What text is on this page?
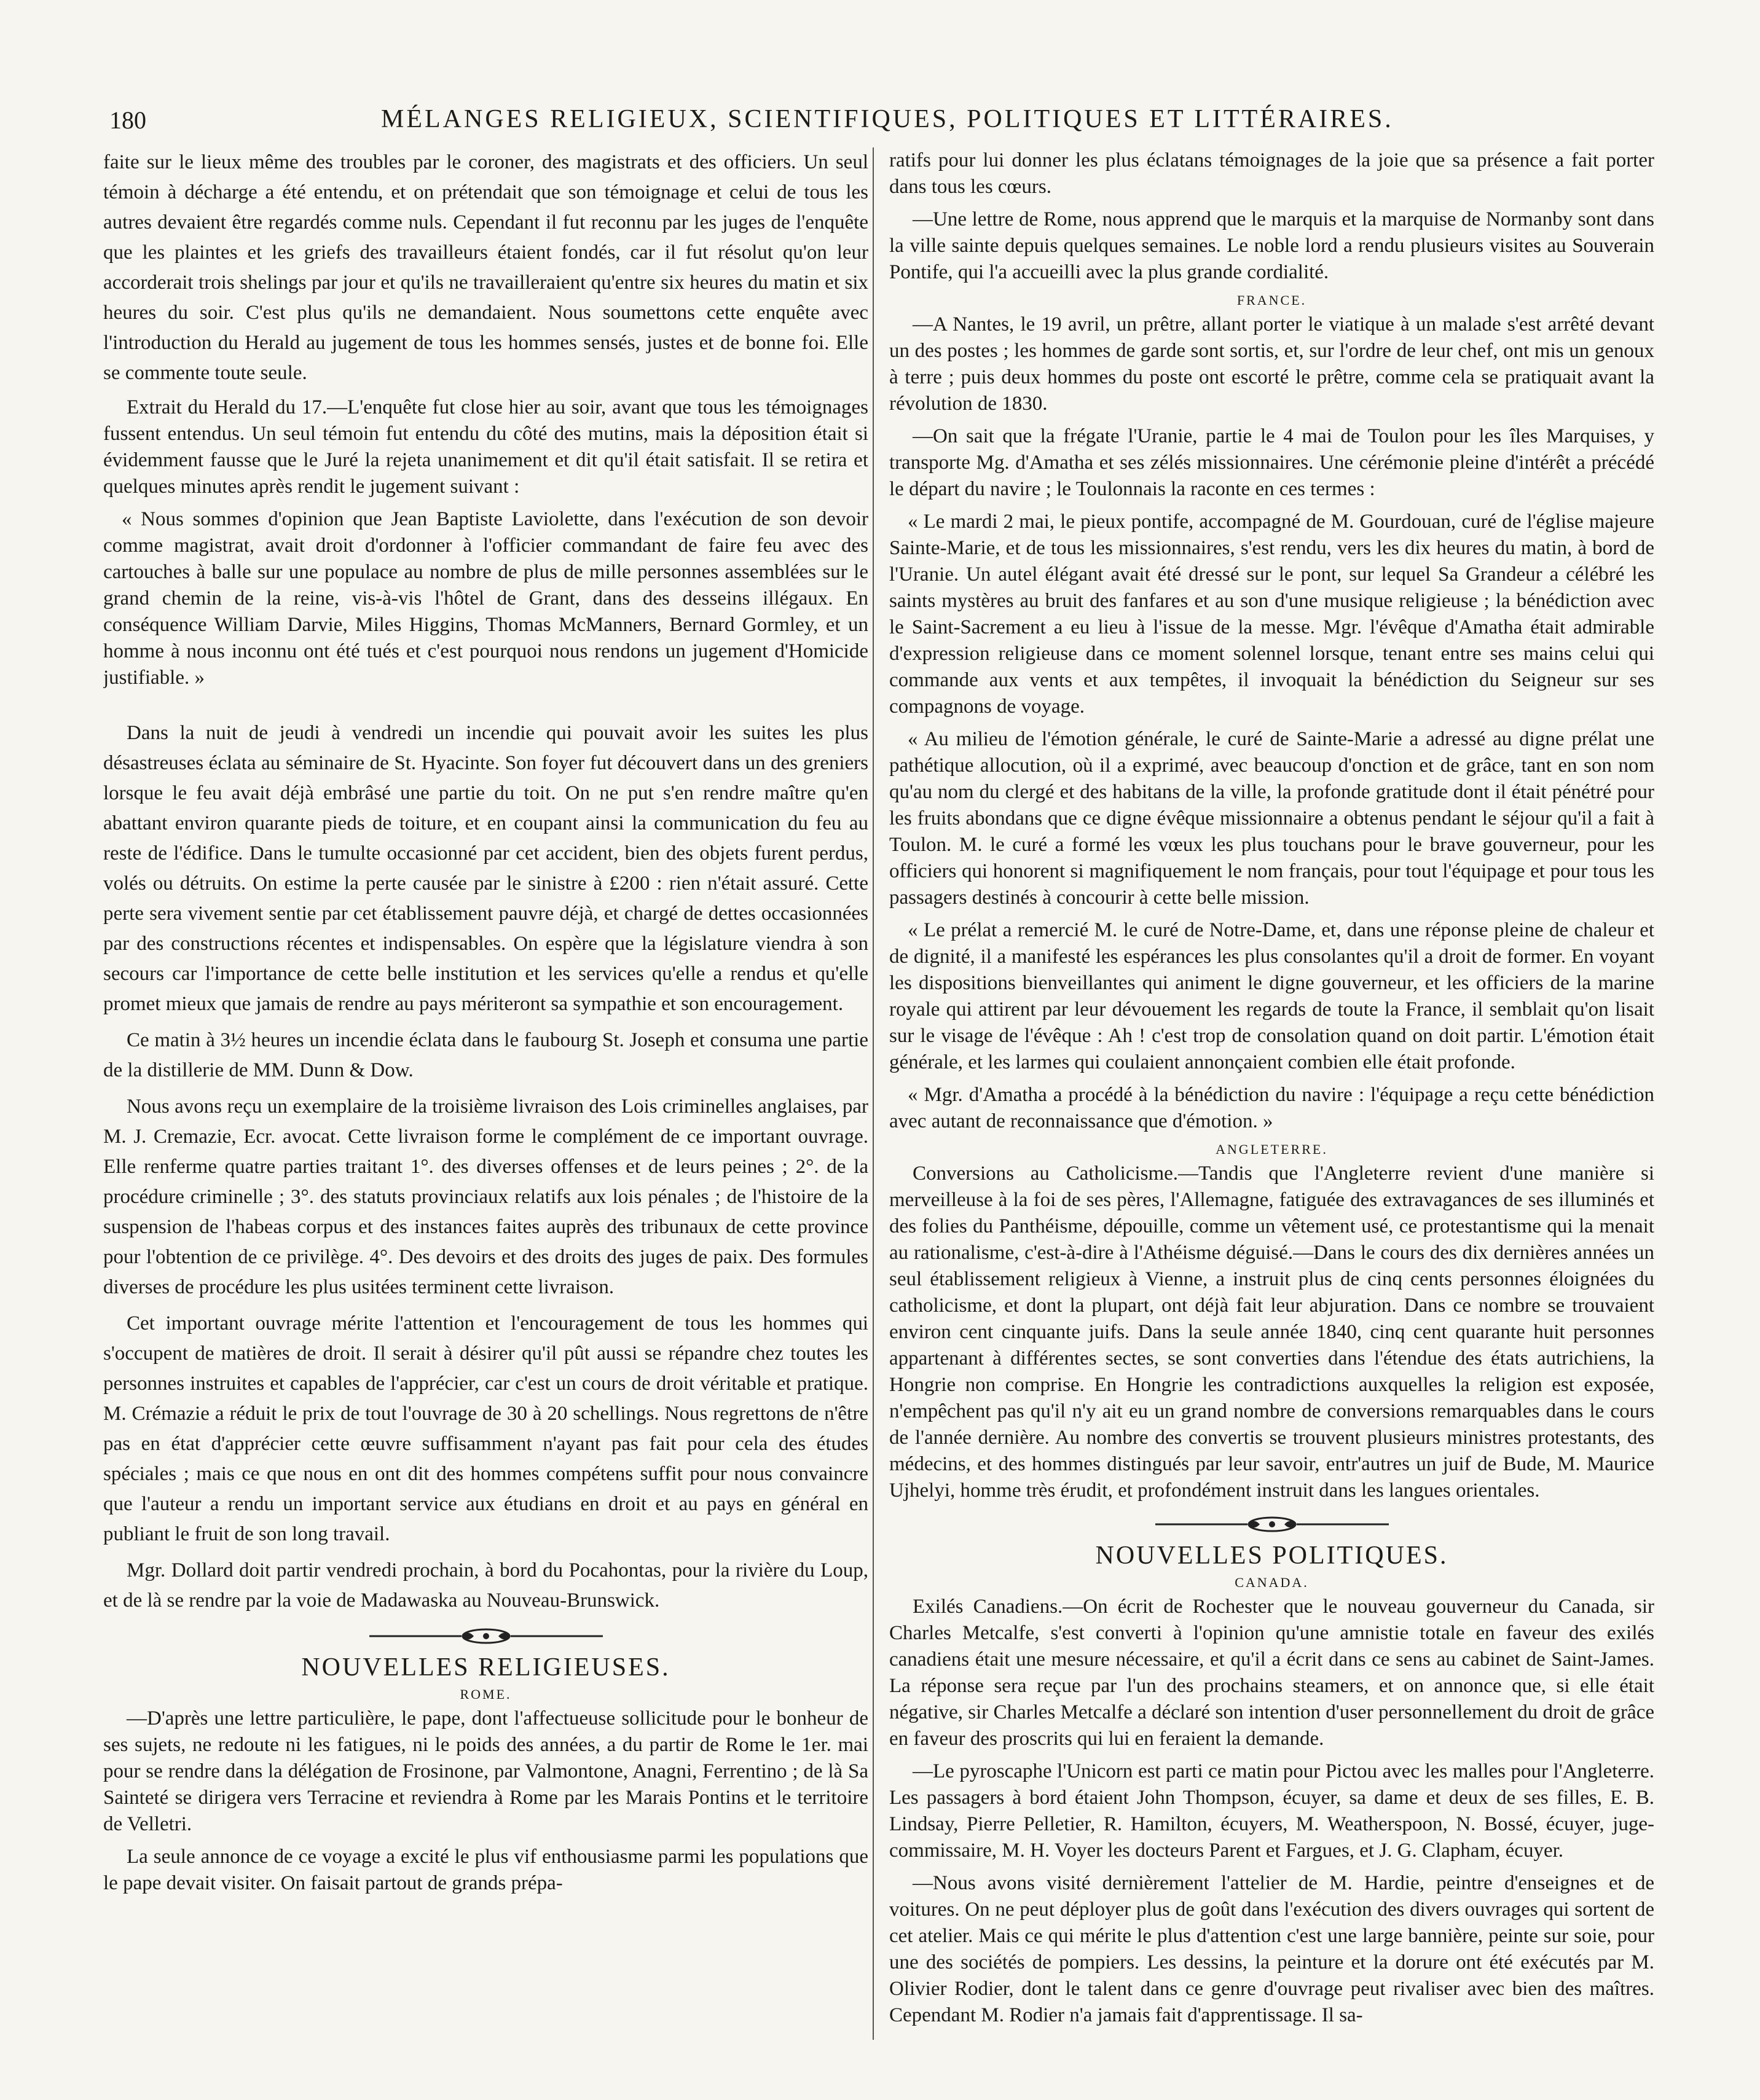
180	MÉLANGES RELIGIEUX, SCIENTIFIQUES, POLITIQUES ET LITTÉRAIRES.

faite sur le lieux même des troubles par le coroner, des magistrats et des officiers. Un seul témoin à décharge a été entendu, et on prétendait que son témoignage et celui de tous les autres devaient être regardés comme nuls. Cependant il fut reconnu par les juges de l'enquête que les plaintes et les griefs des travailleurs étaient fondés, car il fut résolut qu'on leur accorderait trois shelings par jour et qu'ils ne travailleraient qu'entre six heures du matin et six heures du soir. C'est plus qu'ils ne demandaient. Nous soumettons cette enquête avec l'introduction du Herald au jugement de tous les hommes sensés, justes et de bonne foi. Elle se commente toute seule.

Extrait du Herald du 17.—L'enquête fut close hier au soir, avant que tous les témoignages fussent entendus. Un seul témoin fut entendu du côté des mutins, mais la déposition était si évidemment fausse que le Juré la rejeta unanimement et dit qu'il était satisfait. Il se retira et quelques minutes après rendit le jugement suivant :

« Nous sommes d'opinion que Jean Baptiste Laviolette, dans l'exécution de son devoir comme magistrat, avait droit d'ordonner à l'officier commandant de faire feu avec des cartouches à balle sur une populace au nombre de plus de mille personnes assemblées sur le grand chemin de la reine, vis-à-vis l'hôtel de Grant, dans des desseins illégaux. En conséquence William Darvie, Miles Higgins, Thomas McManners, Bernard Gormley, et un homme à nous inconnu ont été tués et c'est pourquoi nous rendons un jugement d'Homicide justifiable. »

Dans la nuit de jeudi à vendredi un incendie qui pouvait avoir les suites les plus désastreuses éclata au séminaire de St. Hyacinte. Son foyer fut découvert dans un des greniers lorsque le feu avait déjà embrâsé une partie du toit. On ne put s'en rendre maître qu'en abattant environ quarante pieds de toiture, et en coupant ainsi la communication du feu au reste de l'édifice. Dans le tumulte occasionné par cet accident, bien des objets furent perdus, volés ou détruits. On estime la perte causée par le sinistre à £200 : rien n'était assuré. Cette perte sera vivement sentie par cet établissement pauvre déjà, et chargé de dettes occasionnées par des constructions récentes et indispensables. On espère que la législature viendra à son secours car l'importance de cette belle institution et les services qu'elle a rendus et qu'elle promet mieux que jamais de rendre au pays mériteront sa sympathie et son encouragement.

Ce matin à 3½ heures un incendie éclata dans le faubourg St. Joseph et consuma une partie de la distillerie de MM. Dunn & Dow.

Nous avons reçu un exemplaire de la troisième livraison des Lois criminelles anglaises, par M. J. Cremazie, Ecr. avocat. Cette livraison forme le complément de ce important ouvrage. Elle renferme quatre parties traitant 1°. des diverses offenses et de leurs peines ; 2°. de la procédure criminelle ; 3°. des statuts provinciaux relatifs aux lois pénales ; de l'histoire de la suspension de l'habeas corpus et des instances faites auprès des tribunaux de cette province pour l'obtention de ce privilège. 4°. Des devoirs et des droits des juges de paix. Des formules diverses de procédure les plus usitées terminent cette livraison.

Cet important ouvrage mérite l'attention et l'encouragement de tous les hommes qui s'occupent de matières de droit. Il serait à désirer qu'il pût aussi se répandre chez toutes les personnes instruites et capables de l'apprécier, car c'est un cours de droit véritable et pratique. M. Crémazie a réduit le prix de tout l'ouvrage de 30 à 20 schellings. Nous regrettons de n'être pas en état d'apprécier cette œuvre suffisamment n'ayant pas fait pour cela des études spéciales ; mais ce que nous en ont dit des hommes compétens suffit pour nous convaincre que l'auteur a rendu un important service aux étudians en droit et au pays en général en publiant le fruit de son long travail.

Mgr. Dollard doit partir vendredi prochain, à bord du Pocahontas, pour la rivière du Loup, et de là se rendre par la voie de Madawaska au Nouveau-Brunswick.

NOUVELLES RELIGIEUSES.
ROME.

—D'après une lettre particulière, le pape, dont l'affectueuse sollicitude pour le bonheur de ses sujets, ne redoute ni les fatigues, ni le poids des années, a du partir de Rome le 1er. mai pour se rendre dans la délégation de Frosinone, par Valmontone, Anagni, Ferrentino ; de là Sa Sainteté se dirigera vers Terracine et reviendra à Rome par les Marais Pontins et le territoire de Velletri.

La seule annonce de ce voyage a excité le plus vif enthousiasme parmi les populations que le pape devait visiter. On faisait partout de grands prépa-

ratifs pour lui donner les plus éclatans témoignages de la joie que sa présence a fait porter dans tous les cœurs.

—Une lettre de Rome, nous apprend que le marquis et la marquise de Normanby sont dans la ville sainte depuis quelques semaines. Le noble lord a rendu plusieurs visites au Souverain Pontife, qui l'a accueilli avec la plus grande cordialité.

FRANCE.

—A Nantes, le 19 avril, un prêtre, allant porter le viatique à un malade s'est arrêté devant un des postes ; les hommes de garde sont sortis, et, sur l'ordre de leur chef, ont mis un genoux à terre ; puis deux hommes du poste ont escorté le prêtre, comme cela se pratiquait avant la révolution de 1830.

—On sait que la frégate l'Uranie, partie le 4 mai de Toulon pour les îles Marquises, y transporte Mg. d'Amatha et ses zélés missionnaires. Une cérémonie pleine d'intérêt a précédé le départ du navire ; le Toulonnais la raconte en ces termes :

« Le mardi 2 mai, le pieux pontife, accompagné de M. Gourdouan, curé de l'église majeure Sainte-Marie, et de tous les missionnaires, s'est rendu, vers les dix heures du matin, à bord de l'Uranie. Un autel élégant avait été dressé sur le pont, sur lequel Sa Grandeur a célébré les saints mystères au bruit des fanfares et au son d'une musique religieuse ; la bénédiction avec le Saint-Sacrement a eu lieu à l'issue de la messe. Mgr. l'évêque d'Amatha était admirable d'expression religieuse dans ce moment solennel lorsque, tenant entre ses mains celui qui commande aux vents et aux tempêtes, il invoquait la bénédiction du Seigneur sur ses compagnons de voyage.

« Au milieu de l'émotion générale, le curé de Sainte-Marie a adressé au digne prélat une pathétique allocution, où il a exprimé, avec beaucoup d'onction et de grâce, tant en son nom qu'au nom du clergé et des habitans de la ville, la profonde gratitude dont il était pénétré pour les fruits abondans que ce digne évêque missionnaire a obtenus pendant le séjour qu'il a fait à Toulon. M. le curé a formé les vœux les plus touchans pour le brave gouverneur, pour les officiers qui honorent si magnifiquement le nom français, pour tout l'équipage et pour tous les passagers destinés à concourir à cette belle mission.

« Le prélat a remercié M. le curé de Notre-Dame, et, dans une réponse pleine de chaleur et de dignité, il a manifesté les espérances les plus consolantes qu'il a droit de former. En voyant les dispositions bienveillantes qui animent le digne gouverneur, et les officiers de la marine royale qui attirent par leur dévouement les regards de toute la France, il semblait qu'on lisait sur le visage de l'évêque : Ah ! c'est trop de consolation quand on doit partir. L'émotion était générale, et les larmes qui coulaient annonçaient combien elle était profonde.

« Mgr. d'Amatha a procédé à la bénédiction du navire : l'équipage a reçu cette bénédiction avec autant de reconnaissance que d'émotion. »

ANGLETERRE.

Conversions au Catholicisme.—Tandis que l'Angleterre revient d'une manière si merveilleuse à la foi de ses pères, l'Allemagne, fatiguée des extravagances de ses illuminés et des folies du Panthéisme, dépouille, comme un vêtement usé, ce protestantisme qui la menait au rationalisme, c'est-à-dire à l'Athéisme déguisé.—Dans le cours des dix dernières années un seul établissement religieux à Vienne, a instruit plus de cinq cents personnes éloignées du catholicisme, et dont la plupart, ont déjà fait leur abjuration. Dans ce nombre se trouvaient environ cent cinquante juifs. Dans la seule année 1840, cinq cent quarante huit personnes appartenant à différentes sectes, se sont converties dans l'étendue des états autrichiens, la Hongrie non comprise. En Hongrie les contradictions auxquelles la religion est exposée, n'empêchent pas qu'il n'y ait eu un grand nombre de conversions remarquables dans le cours de l'année dernière. Au nombre des convertis se trouvent plusieurs ministres protestants, des médecins, et des hommes distingués par leur savoir, entr'autres un juif de Bude, M. Maurice Ujhelyi, homme très érudit, et profondément instruit dans les langues orientales.

NOUVELLES POLITIQUES.
CANADA.

Exilés Canadiens.—On écrit de Rochester que le nouveau gouverneur du Canada, sir Charles Metcalfe, s'est converti à l'opinion qu'une amnistie totale en faveur des exilés canadiens était une mesure nécessaire, et qu'il a écrit dans ce sens au cabinet de Saint-James. La réponse sera reçue par l'un des prochains steamers, et on annonce que, si elle était négative, sir Charles Metcalfe a déclaré son intention d'user personnellement du droit de grâce en faveur des proscrits qui lui en feraient la demande.

—Le pyroscaphe l'Unicorn est parti ce matin pour Pictou avec les malles pour l'Angleterre. Les passagers à bord étaient John Thompson, écuyer, sa dame et deux de ses filles, E. B. Lindsay, Pierre Pelletier, R. Hamilton, écuyers, M. Weatherspoon, N. Bossé, écuyer, juge-commissaire, M. H. Voyer les docteurs Parent et Fargues, et J. G. Clapham, écuyer.

—Nous avons visité dernièrement l'attelier de M. Hardie, peintre d'enseignes et de voitures. On ne peut déployer plus de goût dans l'exécution des divers ouvrages qui sortent de cet atelier. Mais ce qui mérite le plus d'attention c'est une large bannière, peinte sur soie, pour une des sociétés de pompiers. Les dessins, la peinture et la dorure ont été exécutés par M. Olivier Rodier, dont le talent dans ce genre d'ouvrage peut rivaliser avec bien des maîtres. Cependant M. Rodier n'a jamais fait d'apprentissage. Il sa-
